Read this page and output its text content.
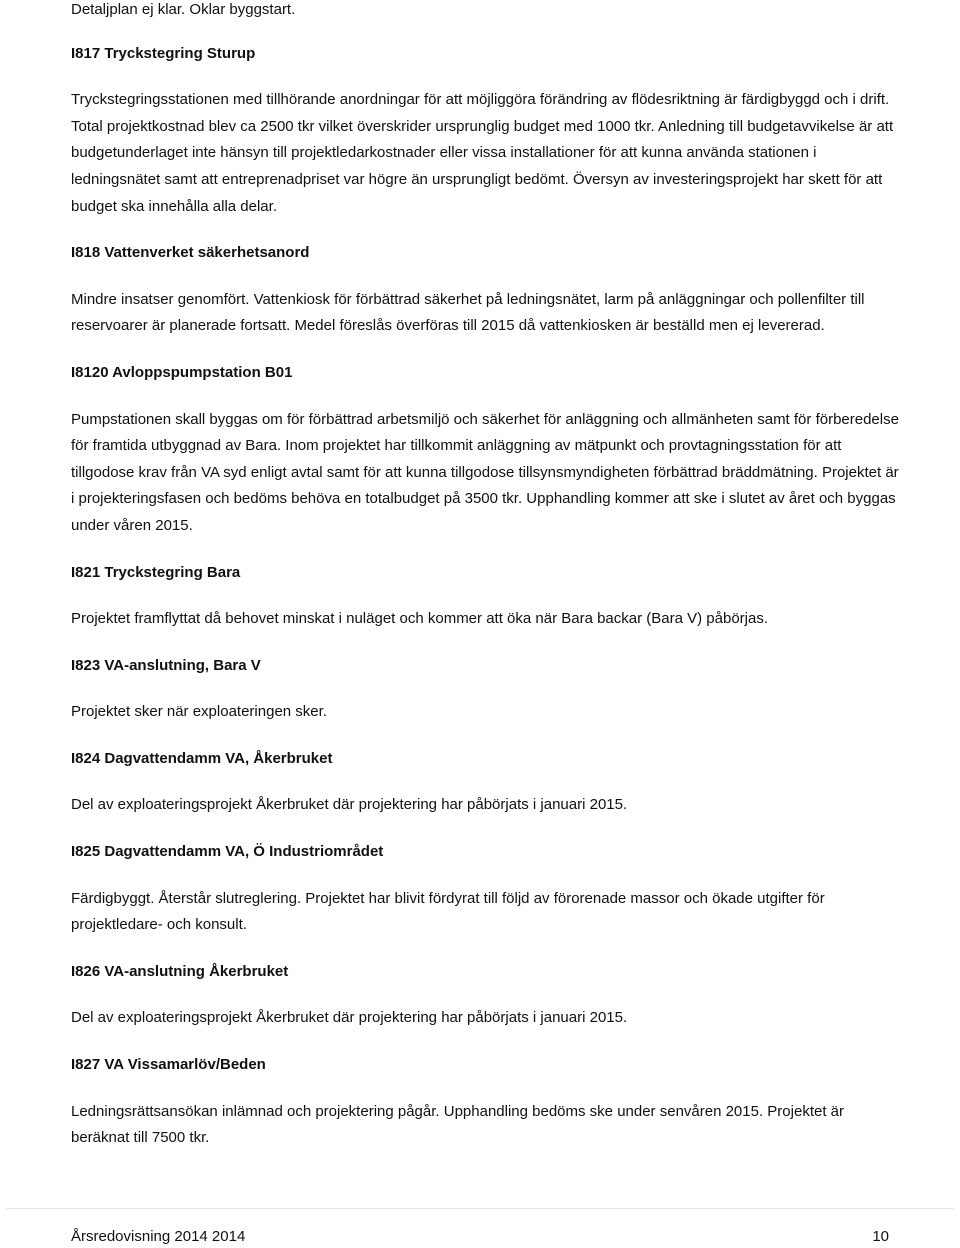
Detaljplan ej klar. Oklar byggstart.

I817 Tryckstegring Sturup

Tryckstegringsstationen med tillhörande anordningar för att möjliggöra förändring av flödesriktning är färdigbyggd och i drift. Total projektkostnad blev ca 2500 tkr vilket överskrider ursprunglig budget med 1000 tkr. Anledning till budgetavvikelse är att budgetunderlaget inte hänsyn till projektledarkostnader eller vissa installationer för att kunna använda stationen i ledningsnätet samt att entreprenadpriset var högre än ursprungligt bedömt. Översyn av investeringsprojekt har skett för att budget ska innehålla alla delar.

I818 Vattenverket säkerhetsanord

Mindre insatser genomfört. Vattenkiosk för förbättrad säkerhet på ledningsnätet, larm på anläggningar och pollenfilter till reservoarer är planerade fortsatt. Medel föreslås överföras till 2015 då vattenkiosken är beställd men ej levererad.

I8120 Avloppspumpstation B01

Pumpstationen skall byggas om för förbättrad arbetsmiljö och säkerhet för anläggning och allmänheten samt för förberedelse för framtida utbyggnad av Bara. Inom projektet har tillkommit anläggning av mätpunkt och provtagningsstation för att tillgodose krav från VA syd enligt avtal samt för att kunna tillgodose tillsynsmyndigheten förbättrad bräddmätning. Projektet är i projekteringsfasen och bedöms behöva en totalbudget på 3500 tkr. Upphandling kommer att ske i slutet av året och byggas under våren 2015.

I821 Tryckstegring Bara

Projektet framflyttat då behovet minskat i nuläget och kommer att öka när Bara backar (Bara V) påbörjas.

I823 VA-anslutning, Bara V

Projektet sker när exploateringen sker.

I824 Dagvattendamm VA, Åkerbruket

Del av exploateringsprojekt Åkerbruket där projektering har påbörjats i januari 2015.

I825 Dagvattendamm VA, Ö Industriområdet

Färdigbyggt. Återstår slutreglering. Projektet har blivit fördyrat till följd av förorenade massor och ökade utgifter för projektledare- och konsult.

I826 VA-anslutning Åkerbruket

Del av exploateringsprojekt Åkerbruket där projektering har påbörjats i januari 2015.

I827 VA Vissamarlöv/Beden

Ledningsrättsansökan inlämnad och projektering pågår. Upphandling bedöms ske under senvåren 2015. Projektet är beräknat till 7500 tkr.

Årsredovisning 2014 2014	10
